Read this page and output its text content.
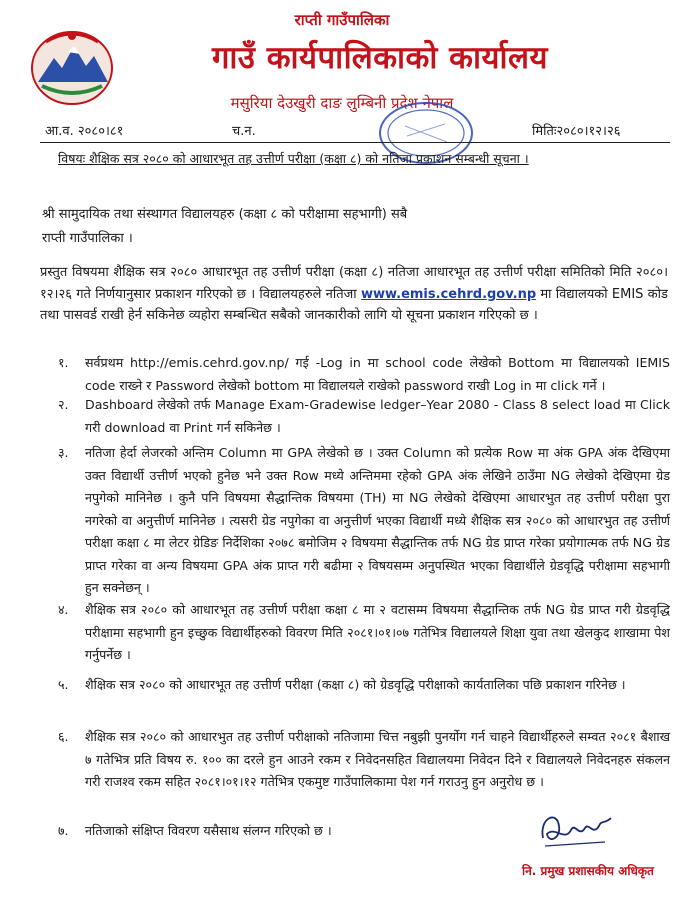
राप्ती गाउँपालिका
गाउँ कार्यपालिकाको कार्यालय
मसुरिया देउखुरी दाङ लुम्बिनी प्रदेश नेपाल
आ.व. २०८०।८१	च.न.	मितिः२०८०।१२।२६
विषयः शैक्षिक सत्र २०८० को आधारभूत तह उत्तीर्ण परीक्षा (कक्षा ८) को नतिजा प्रकाशन सम्बन्धी सूचना ।
श्री सामुदायिक तथा संस्थागत विद्यालयहरु (कक्षा ८ को परीक्षामा सहभागी) सबै
राप्ती गाउँपालिका ।
प्रस्तुत विषयमा शैक्षिक सत्र २०८० आधारभूत तह उत्तीर्ण परीक्षा (कक्षा ८) नतिजा आधारभूत तह उत्तीर्ण परीक्षा समितिको मिति २०८०।१२।२६ गते निर्णयानुसार प्रकाशन गरिएको छ । विद्यालयहरुले नतिजा www.emis.cehrd.gov.np मा विद्यालयको EMIS कोड तथा पासवर्ड राखी हेर्न सकिनेछ व्यहोरा सम्बन्धित सबैको जानकारीको लागि यो सूचना प्रकाशन गरिएको छ ।
१. सर्वप्रथम http://emis.cehrd.gov.np/ गई -Log in मा school code लेखेको Bottom मा विद्यालयको IEMIS code राख्ने र Password लेखेको bottom मा विद्यालयले राखेको password राखी Log in मा click गर्ने ।
२. Dashboard लेखेको तर्फ Manage Exam-Gradewise ledger–Year 2080 - Class 8 select load मा Click गरी download वा Print गर्न सकिनेछ ।
३. नतिजा हेर्दा लेजरको अन्तिम Column मा GPA लेखेको छ । उक्त Column को प्रत्येक Row मा अंक GPA अंक देखिएमा उक्त विद्यार्थी उत्तीर्ण भएको हुनेछ भने उक्त Row मध्ये अन्तिममा रहेको GPA अंक लेखिने ठाउँमा NG लेखेको देखिएमा ग्रेड नपुगेको मानिनेछ । कुनै पनि विषयमा सैद्धान्तिक विषयमा (TH) मा NG लेखेको देखिएमा आधारभुत तह उत्तीर्ण परीक्षा पुरा नगरेको वा अनुत्तीर्ण मानिनेछ । त्यसरी ग्रेड नपुगेका वा अनुत्तीर्ण भएका विद्यार्थी मध्ये शैक्षिक सत्र २०८० को आधारभुत तह उत्तीर्ण परीक्षा कक्षा ८ मा लेटर ग्रेडिङ निर्देशिका २०७८ बमोजिम २ विषयमा सैद्धान्तिक तर्फ NG ग्रेड प्राप्त गरेका प्रयोगात्मक तर्फ NG ग्रेड प्राप्त गरेका वा अन्य विषयमा GPA अंक प्राप्त गरी बढीमा २ विषयसम्म अनुपस्थित भएका विद्यार्थीले ग्रेडवृद्धि परीक्षामा सहभागी हुन सक्नेछन् ।
४. शैक्षिक सत्र २०८० को आधारभूत तह उत्तीर्ण परीक्षा कक्षा ८ मा २ वटासम्म विषयमा सैद्धान्तिक तर्फ NG ग्रेड प्राप्त गरी ग्रेडवृद्धि परीक्षामा सहभागी हुन इच्छुक विद्यार्थीहरुको विवरण मिति २०८१।०१।०७ गतेभित्र विद्यालयले शिक्षा युवा तथा खेलकुद शाखामा पेश गर्नुपर्नेछ ।
५. शैक्षिक सत्र २०८० को आधारभूत तह उत्तीर्ण परीक्षा (कक्षा ८) को ग्रेडवृद्धि परीक्षाको कार्यतालिका पछि प्रकाशन गरिनेछ ।
६. शैक्षिक सत्र २०८० को आधारभुत तह उत्तीर्ण परीक्षाको नतिजामा चित्त नबुझी पुनर्योग गर्न चाहने विद्यार्थीहरुले सम्वत २०८१ बैशाख ७ गतेभित्र प्रति विषय रु. १०० का दरले हुन आउने रकम र निवेदनसहित विद्यालयमा निवेदन दिने र विद्यालयले निवेदनहरु संकलन गरी राजश्व रकम सहित २०८१।०१।१२ गतेभित्र एकमुष्ट गाउँपालिकामा पेश गर्न गराउनु हुन अनुरोध छ ।
७. नतिजाको संक्षिप्त विवरण यसैसाथ संलग्न गरिएको छ ।
नि. प्रमुख प्रशासकीय अधिकृत
